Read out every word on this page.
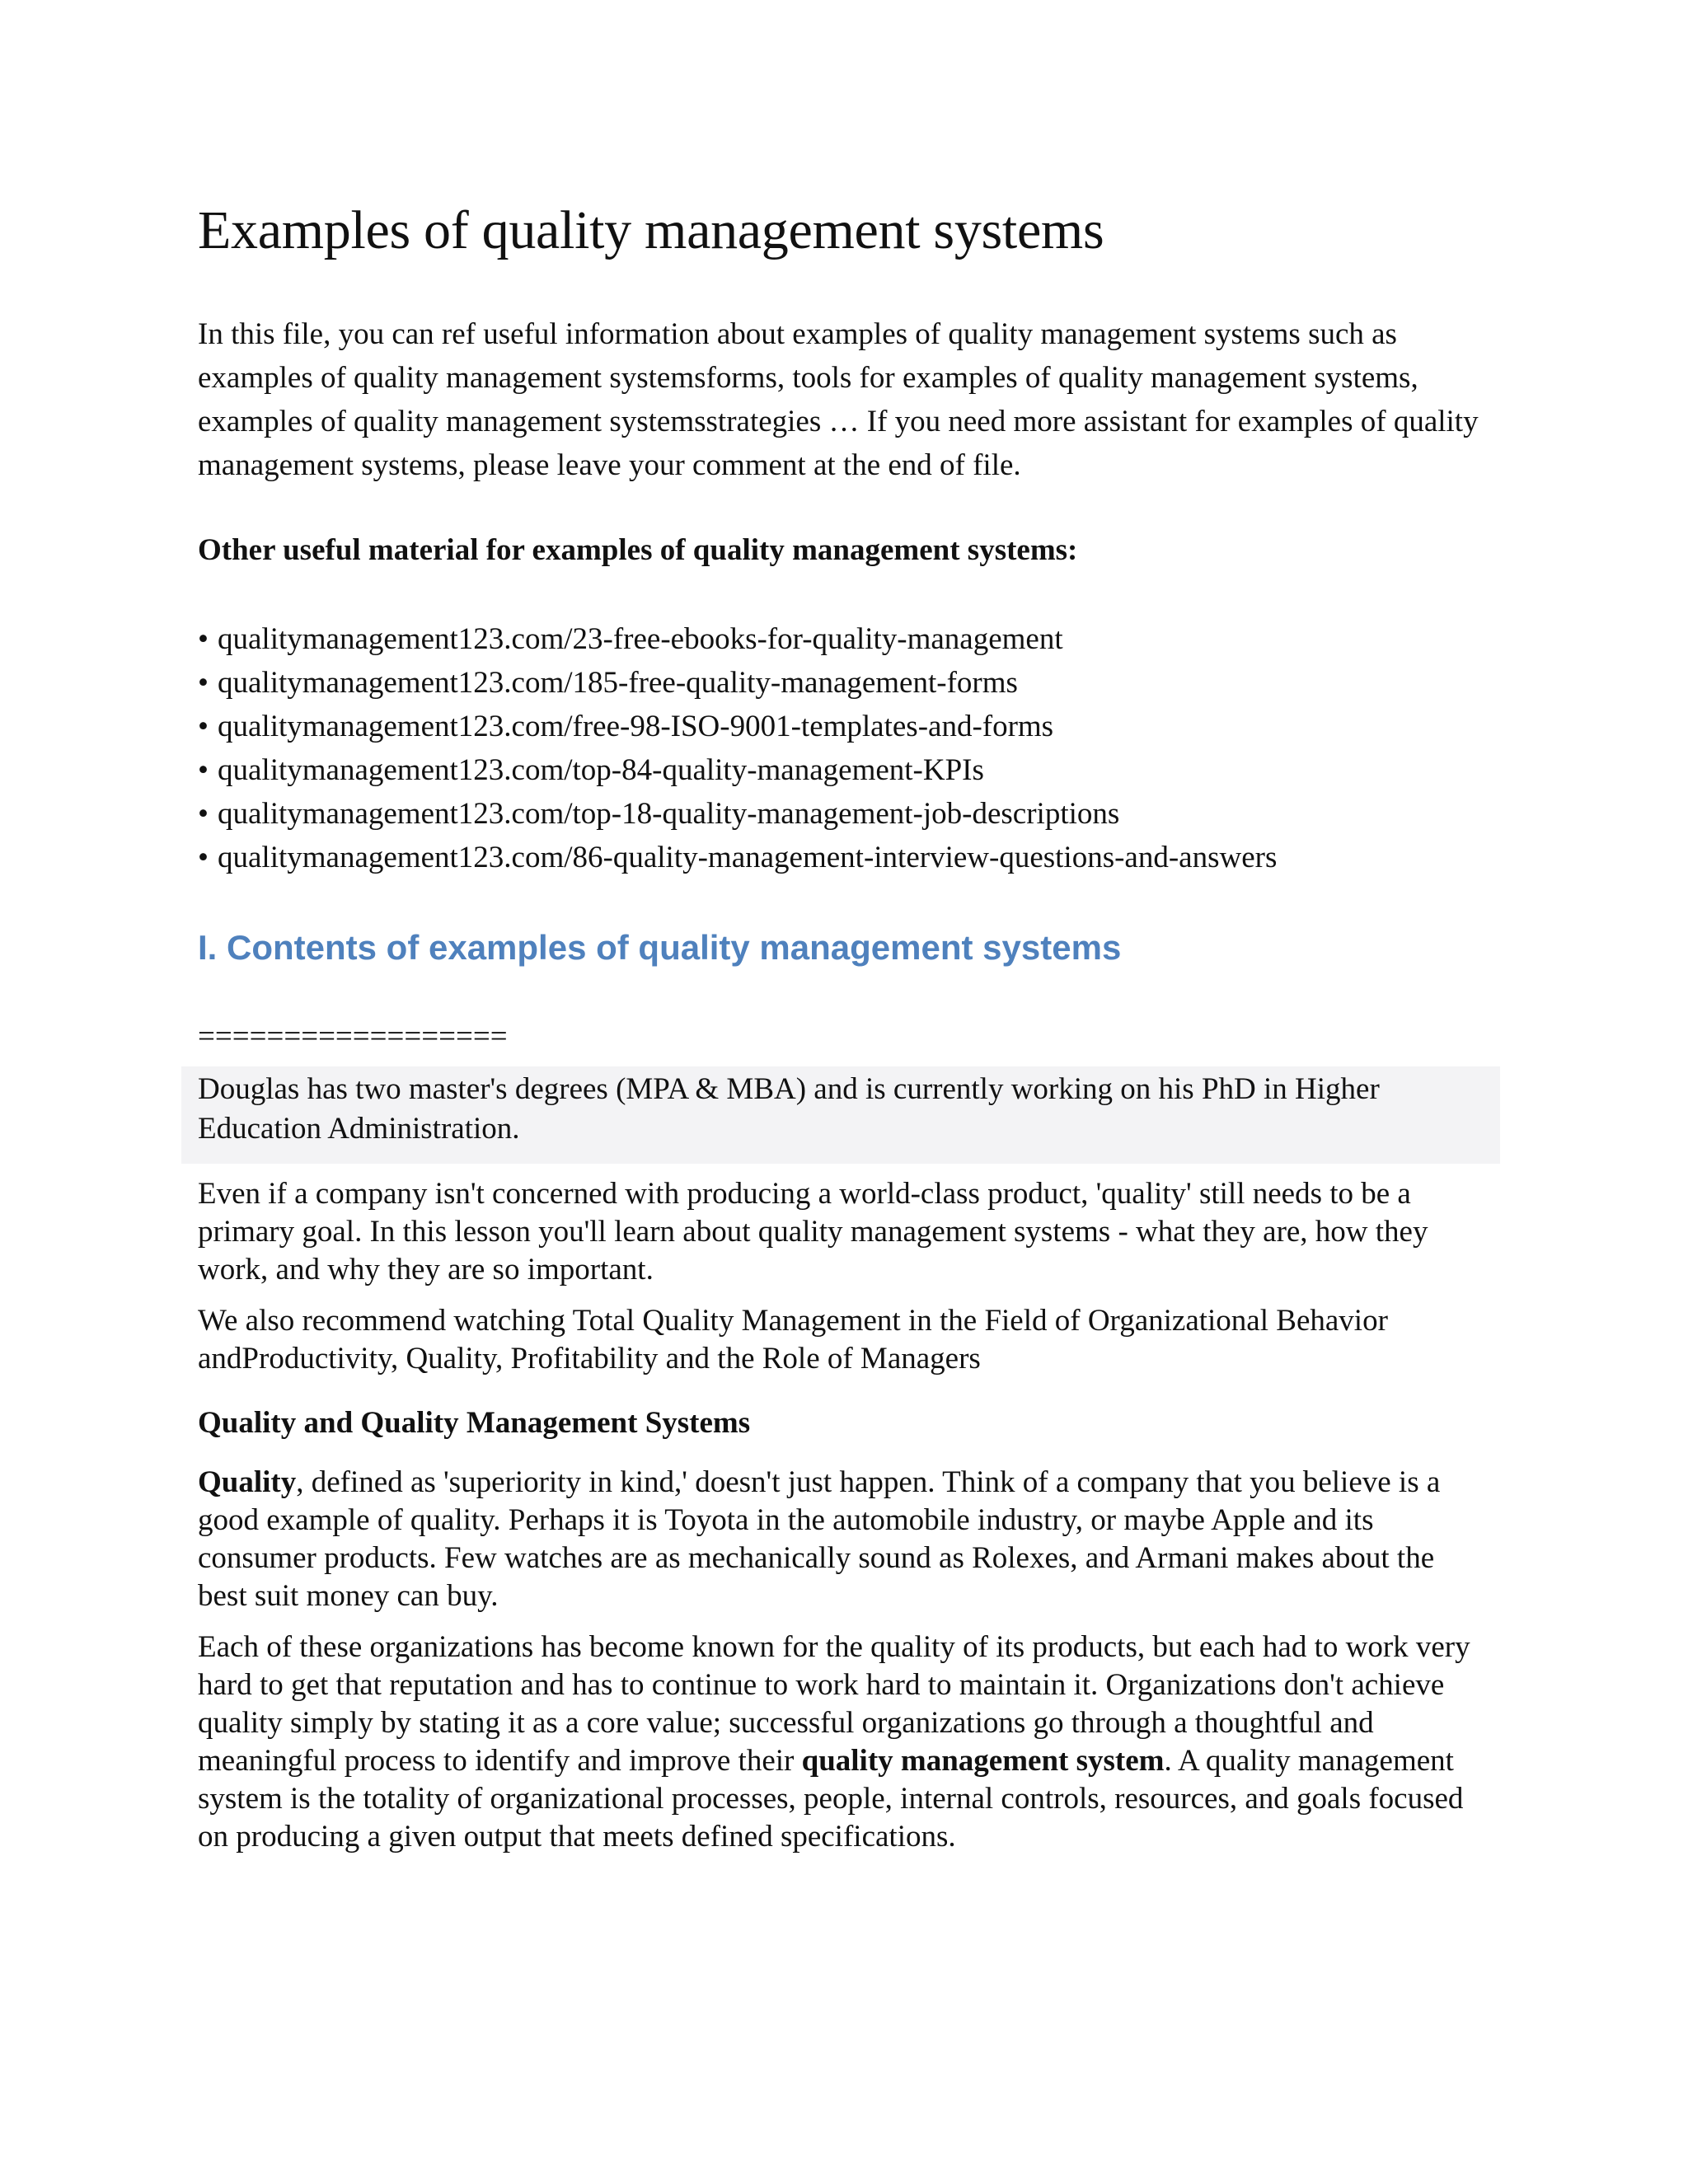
Examples of quality management systems

In this file, you can ref useful information about examples of quality management systems such as examples of quality management systemsforms, tools for examples of quality management systems, examples of quality management systemsstrategies … If you need more assistant for examples of quality management systems, please leave your comment at the end of file.

Other useful material for examples of quality management systems:

• qualitymanagement123.com/23-free-ebooks-for-quality-management
• qualitymanagement123.com/185-free-quality-management-forms
• qualitymanagement123.com/free-98-ISO-9001-templates-and-forms
• qualitymanagement123.com/top-84-quality-management-KPIs
• qualitymanagement123.com/top-18-quality-management-job-descriptions
• qualitymanagement123.com/86-quality-management-interview-questions-and-answers
I. Contents of examples of quality management systems
==================
Douglas has two master's degrees (MPA & MBA) and is currently working on his PhD in Higher Education Administration.

Even if a company isn't concerned with producing a world-class product, 'quality' still needs to be a primary goal. In this lesson you'll learn about quality management systems - what they are, how they work, and why they are so important.

We also recommend watching Total Quality Management in the Field of Organizational Behavior andProductivity, Quality, Profitability and the Role of Managers

Quality and Quality Management Systems

Quality, defined as 'superiority in kind,' doesn't just happen. Think of a company that you believe is a good example of quality. Perhaps it is Toyota in the automobile industry, or maybe Apple and its consumer products. Few watches are as mechanically sound as Rolexes, and Armani makes about the best suit money can buy.

Each of these organizations has become known for the quality of its products, but each had to work very hard to get that reputation and has to continue to work hard to maintain it. Organizations don't achieve quality simply by stating it as a core value; successful organizations go through a thoughtful and meaningful process to identify and improve their quality management system. A quality management system is the totality of organizational processes, people, internal controls, resources, and goals focused on producing a given output that meets defined specifications.
